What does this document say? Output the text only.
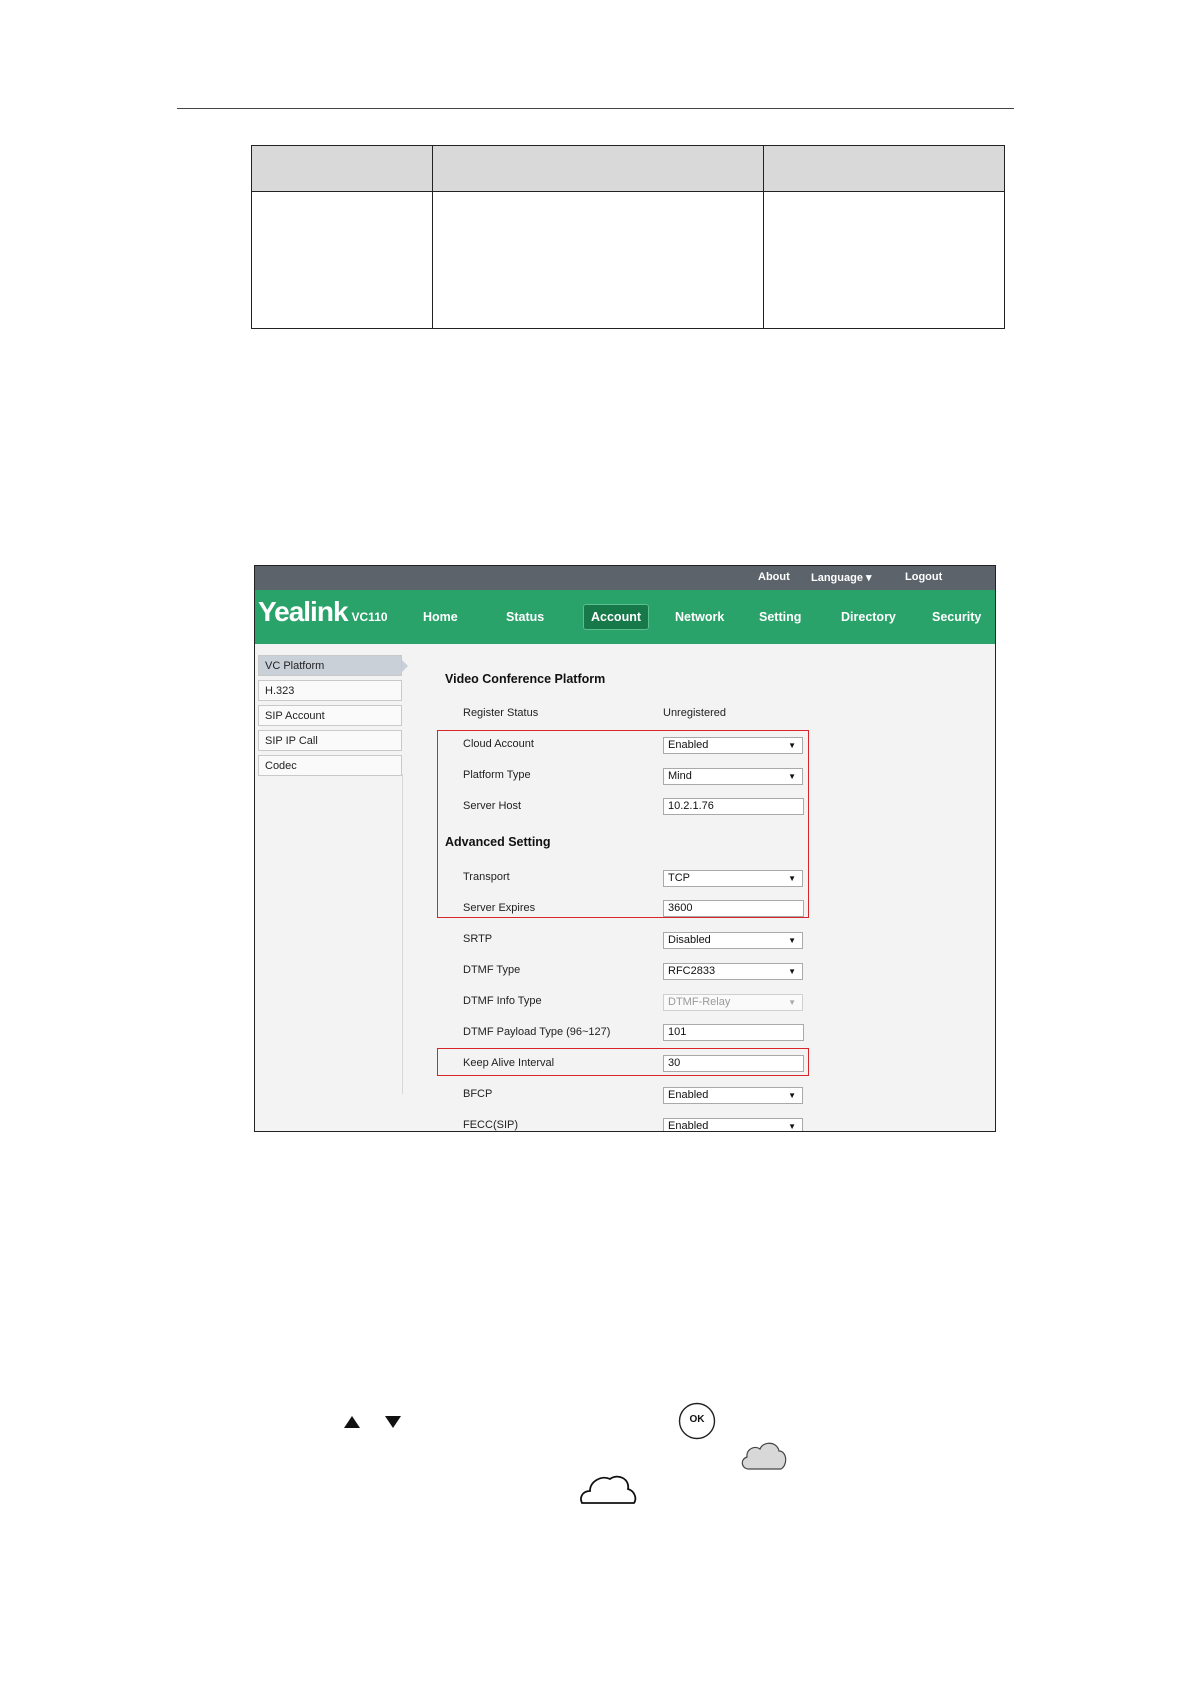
About Language ▾	Logout
Yealink VC110	Home	Status	Account	Network	Setting	Directory	Security
VC Platform
H.323
SIP Account
SIP IP Call
Codec
Video Conference Platform
Register Status	Unregistered
Cloud Account	Enabled	▼
Platform Type	Mind	▼
Server Host	10.2.1.76
Advanced Setting
Transport	TCP	▼
Server Expires	3600
SRTP	Disabled	▼
DTMF Type	RFC2833	▼
DTMF Info Type	DTMF-Relay	▼
DTMF Payload Type (96~127)	101
Keep Alive Interval	30
BFCP	Enabled	▼
FECC(SIP)	Enabled	▼
OK
